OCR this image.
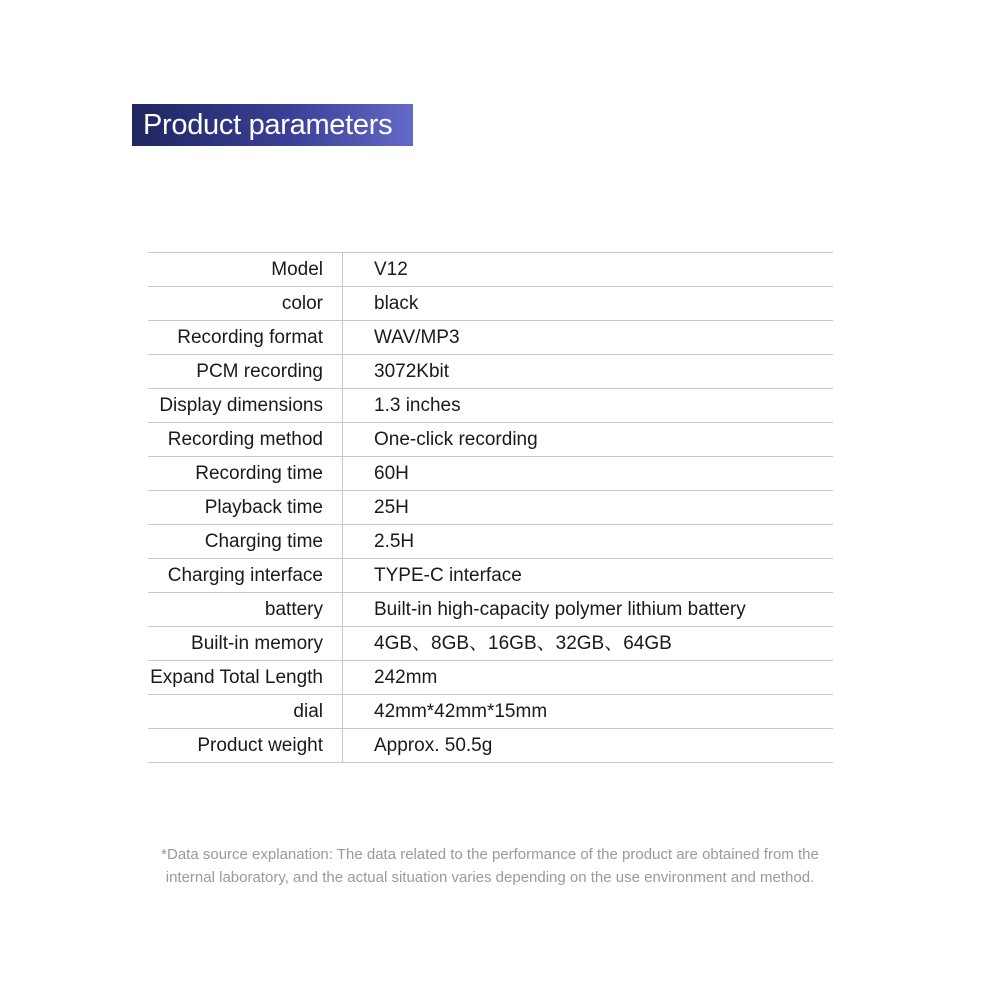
Product parameters
Model	V12
color	black
Recording format	WAV/MP3
PCM recording	3072Kbit
Display dimensions	1.3 inches
Recording method	One-click recording
Recording time	60H
Playback time	25H
Charging time	2.5H
Charging interface	TYPE-C interface
battery	Built-in high-capacity polymer lithium battery
Built-in memory	4GB、8GB、16GB、32GB、64GB
Expand Total Length	242mm
dial	42mm*42mm*15mm
Product weight	Approx. 50.5g
*Data source explanation: The data related to the performance of the product are obtained from the
internal laboratory, and the actual situation varies depending on the use environment and method.
